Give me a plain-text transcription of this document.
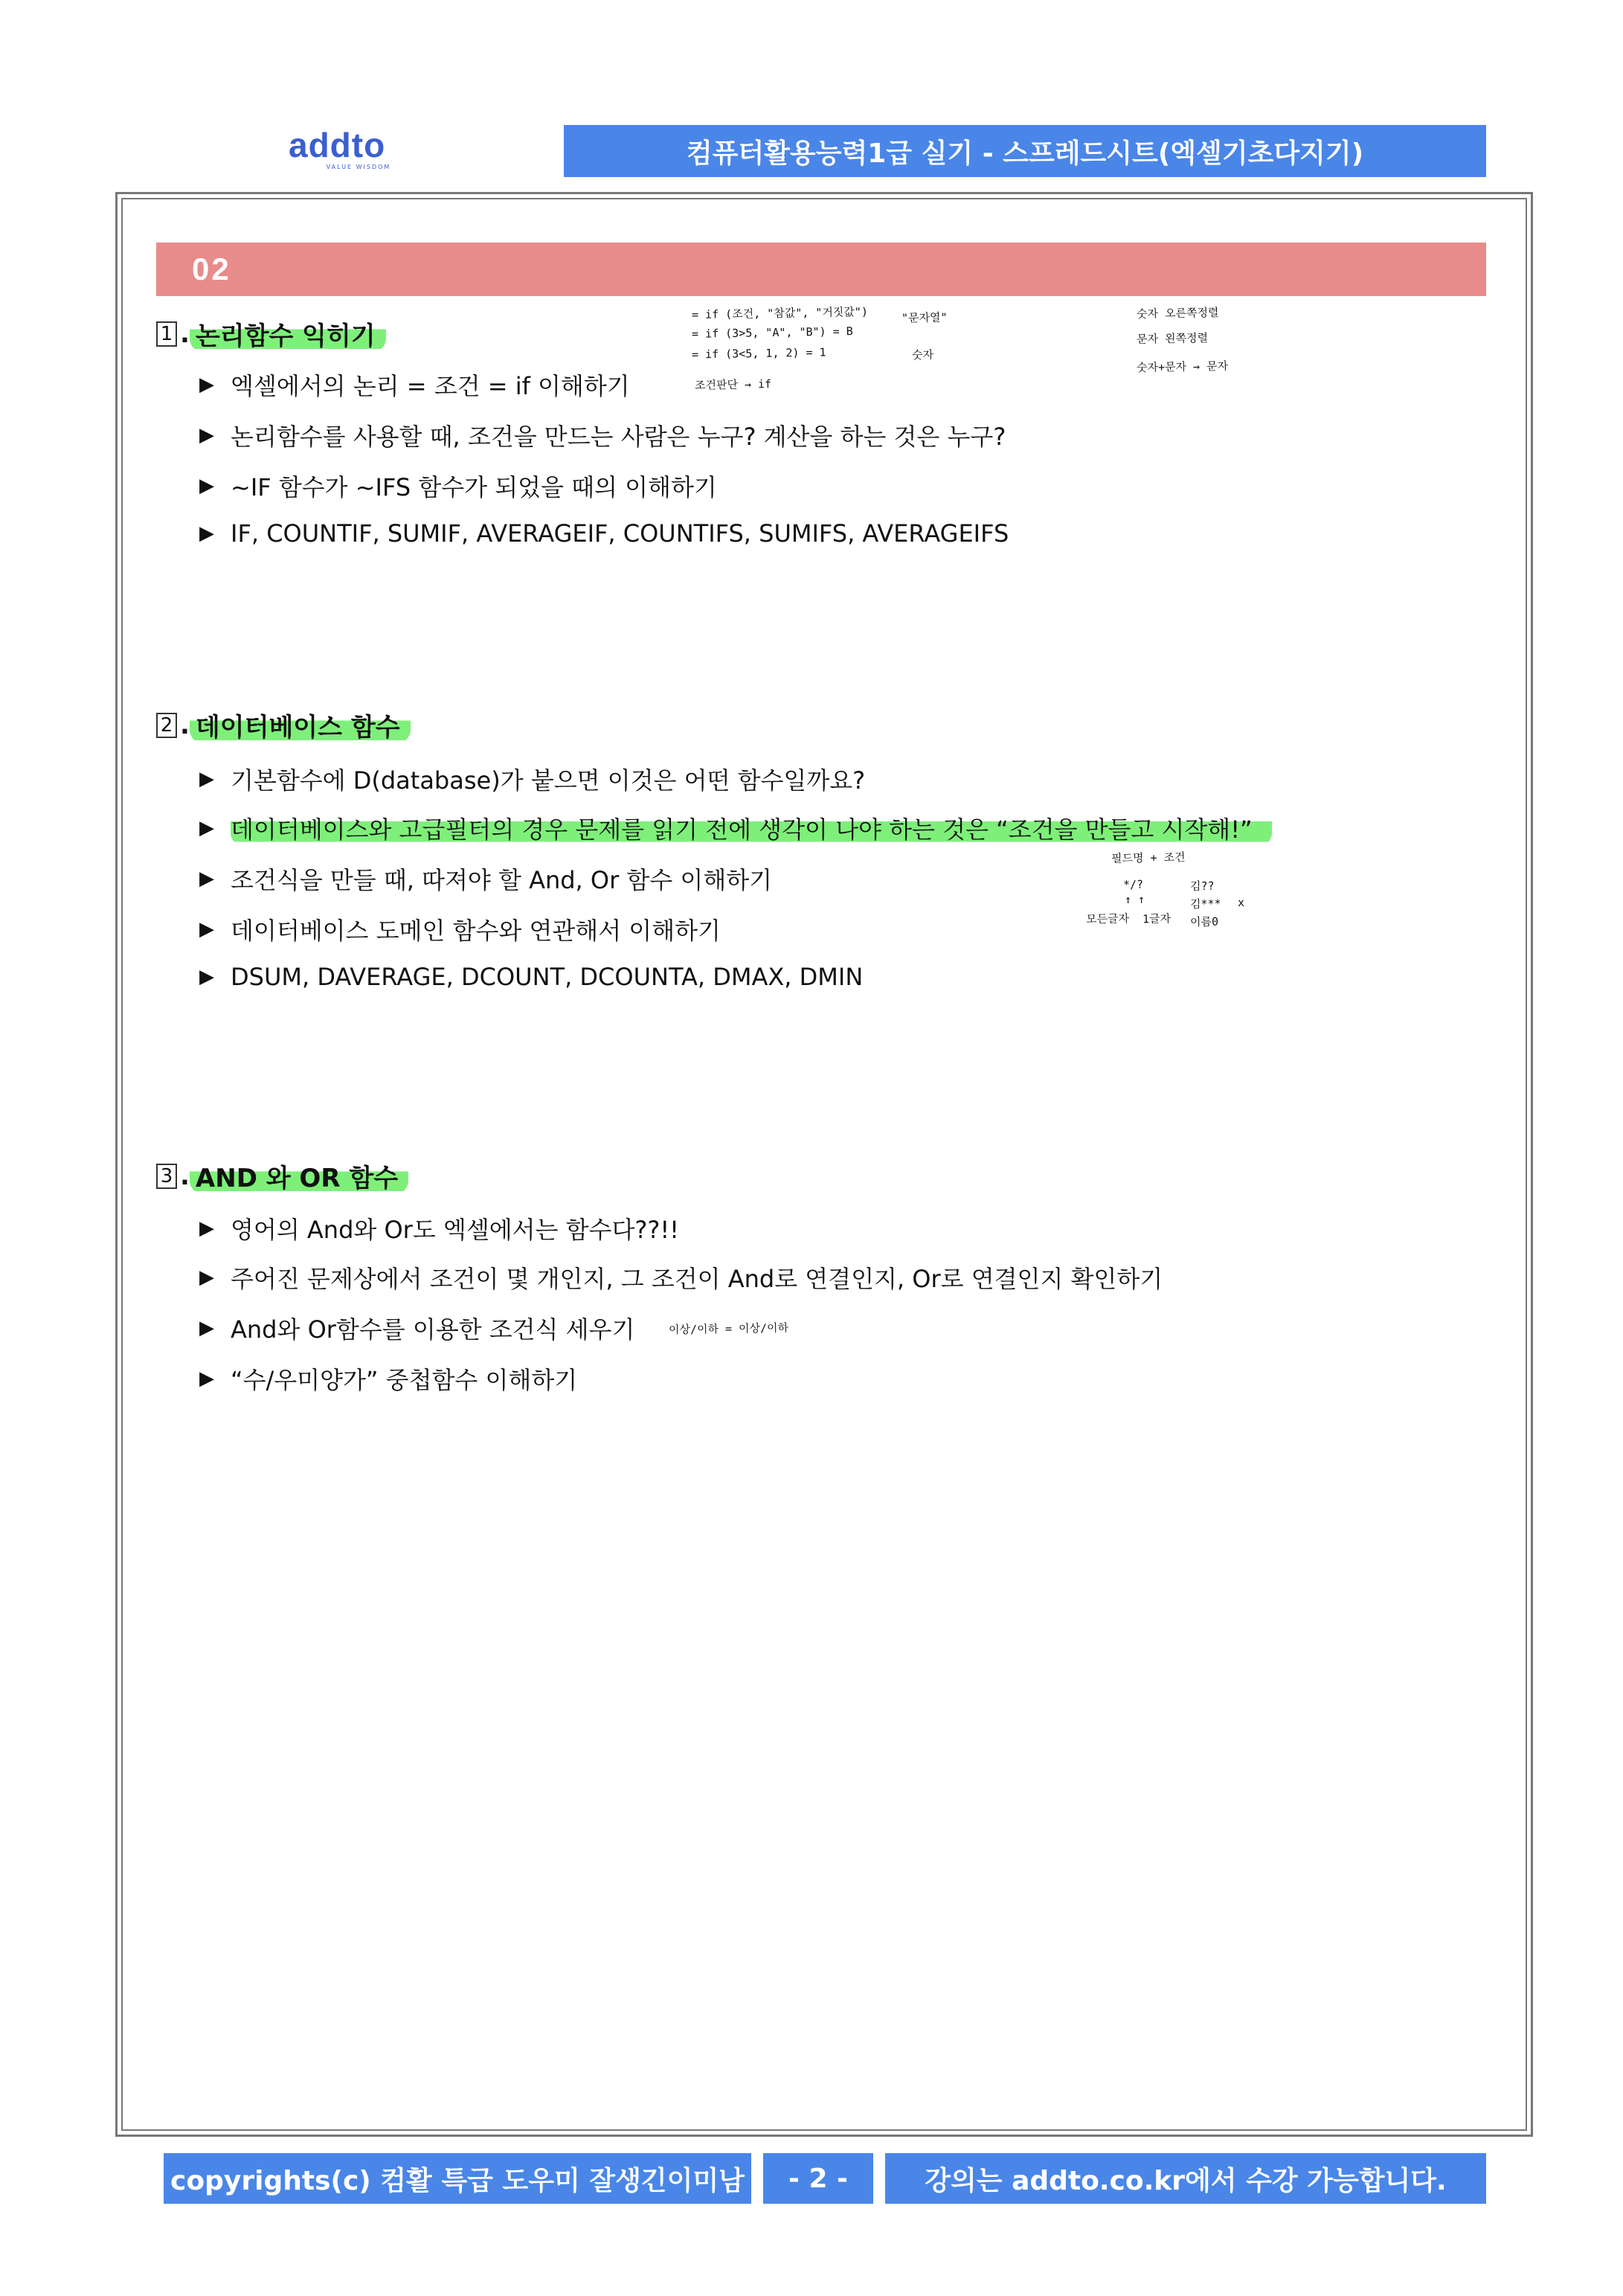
addto
VALUE WISDOM	컴퓨터활용능력1급 실기 - 스프레드시트(엑셀기초다지기)
02
1 . 논리함수 익히기
▶ 엑셀에서의 논리 = 조건 = if 이해하기
▶ 논리함수를 사용할 때, 조건을 만드는 사람은 누구? 계산을 하는 것은 누구?
▶ ~IF 함수가 ~IFS 함수가 되었을 때의 이해하기
▶ IF, COUNTIF, SUMIF, AVERAGEIF, COUNTIFS, SUMIFS, AVERAGEIFS
= if (조건, "참값", "거짓값")
= if (3>5, "A", "B") = B
= if (3<5, 1, 2) = 1
"문자열"
숫자
숫자 오른쪽정렬
문자 왼쪽정렬
숫자+문자 → 문자
조건판단 → if
2 . 데이터베이스 함수
▶ 기본함수에 D(database)가 붙으면 이것은 어떤 함수일까요?
▶ 데이터베이스와 고급필터의 경우 문제를 읽기 전에 생각이 나야 하는 것은 “조건을 만들고 시작해!”
▶ 조건식을 만들 때, 따져야 할 And, Or 함수 이해하기
▶ 데이터베이스 도메인 함수와 연관해서 이해하기
▶ DSUM, DAVERAGE, DCOUNT, DCOUNTA, DMAX, DMIN
필드명 + 조건
*/?	김??
↑ ↑
모든글자 1글자
김***
이름0
x
3 . AND 와 OR 함수
▶ 영어의 And와 Or도 엑셀에서는 함수다??!!
▶ 주어진 문제상에서 조건이 몇 개인지, 그 조건이 And로 연결인지, Or로 연결인지 확인하기
▶ And와 Or함수를 이용한 조건식 세우기	이상/이하 = 이상/이하
▶ “수/우미양가” 중첩함수 이해하기
copyrights(c) 컴활 특급 도우미 잘생긴이미남 - 2 -	강의는 addto.co.kr에서 수강 가능합니다.
